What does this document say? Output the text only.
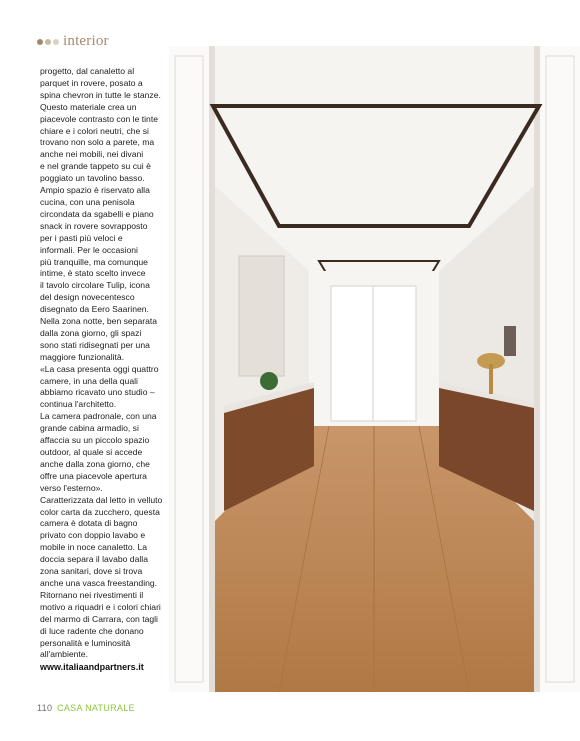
interior

progetto, dal canaletto al
parquet in rovere, posato a
spina chevron in tutte le stanze.
Questo materiale crea un
piacevole contrasto con le tinte
chiare e i colori neutri, che si
trovano non solo a parete, ma
anche nei mobili, nei divani
e nel grande tappeto su cui è
poggiato un tavolino basso.
Ampio spazio è riservato alla
cucina, con una penisola
circondata da sgabelli e piano
snack in rovere sovrapposto
per i pasti più veloci e
informali. Per le occasioni
più tranquille, ma comunque
intime, è stato scelto invece
il tavolo circolare Tulip, icona
del design novecentesco
disegnato da Eero Saarinen.
Nella zona notte, ben separata
dalla zona giorno, gli spazi
sono stati ridisegnati per una
maggiore funzionalità.
«La casa presenta oggi quattro
camere, in una della quali
abbiamo ricavato uno studio –
continua l'architetto.
La camera padronale, con una
grande cabina armadio, si
affaccia su un piccolo spazio
outdoor, al quale si accede
anche dalla zona giorno, che
offre una piacevole apertura
verso l'esterno».
Caratterizzata dal letto in velluto
color carta da zucchero, questa
camera è dotata di bagno
privato con doppio lavabo e
mobile in noce canaletto. La
doccia separa il lavabo dalla
zona sanitari, dove si trova
anche una vasca freestanding.
Ritornano nei rivestimenti il
motivo a riquadri e i colori chiari
del marmo di Carrara, con tagli
di luce radente che donano
personalità e luminosità
all'ambiente.

www.italiaandpartners.it
110 CASA NATURALE
